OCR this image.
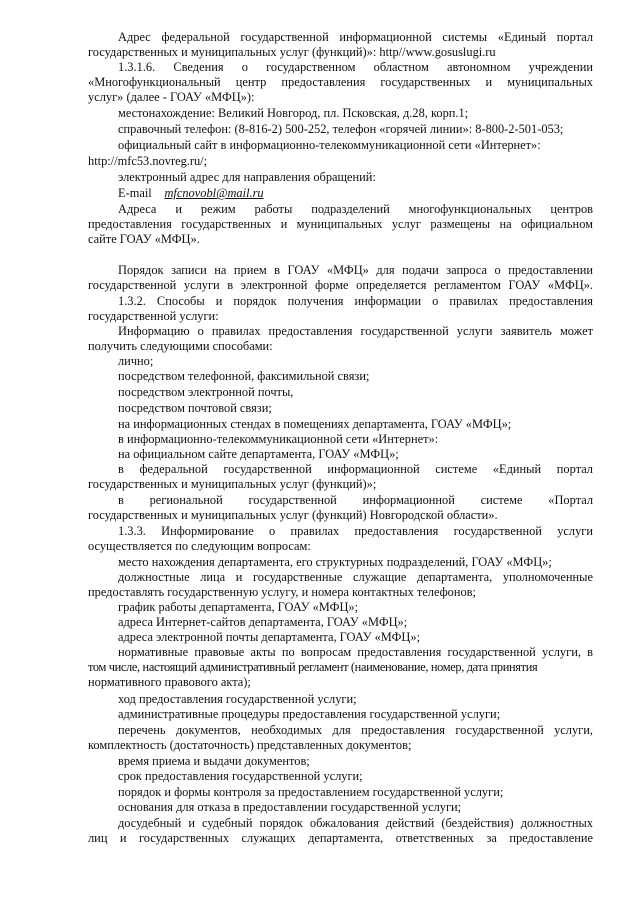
Адрес федеральной государственной информационной системы «Единый портал
государственных и муниципальных услуг (функций)»: http//www.gosuslugi.ru
1.3.1.6. Сведения о государственном областном автономном учреждении
«Многофункциональный центр предоставления государственных и муниципальных
услуг» (далее - ГОАУ «МФЦ»):
местонахождение: Великий Новгород, пл. Псковская, д.28, корп.1;
справочный телефон: (8-816-2) 500-252, телефон «горячей линии»: 8-800-2-501-053;
официальный сайт в информационно-телекоммуникационной сети «Интернет»:
http://mfc53.novreg.ru/;
электронный адрес для направления обращений:
E-mail mfcnovobl@mail.ru
Адреса и режим работы подразделений многофункциональных центров
предоставления государственных и муниципальных услуг размещены на официальном
сайте ГОАУ «МФЦ».
Порядок записи на прием в ГОАУ «МФЦ» для подачи запроса о предоставлении
государственной услуги в электронной форме определяется регламентом ГОАУ «МФЦ».
1.3.2. Способы и порядок получения информации о правилах предоставления
государственной услуги:
Информацию о правилах предоставления государственной услуги заявитель может
получить следующими способами:
лично;
посредством телефонной, факсимильной связи;
посредством электронной почты,
посредством почтовой связи;
на информационных стендах в помещениях департамента, ГОАУ «МФЦ»;
в информационно-телекоммуникационной сети «Интернет»:
на официальном сайте департамента, ГОАУ «МФЦ»;
в федеральной государственной информационной системе «Единый портал
государственных и муниципальных услуг (функций)»;
в региональной государственной информационной системе «Портал
государственных и муниципальных услуг (функций) Новгородской области».
1.3.3. Информирование о правилах предоставления государственной услуги
осуществляется по следующим вопросам:
место нахождения департамента, его структурных подразделений, ГОАУ «МФЦ»;
должностные лица и государственные служащие департамента, уполномоченные
предоставлять государственную услугу, и номера контактных телефонов;
график работы департамента, ГОАУ «МФЦ»;
адреса Интернет-сайтов департамента, ГОАУ «МФЦ»;
адреса электронной почты департамента, ГОАУ «МФЦ»;
нормативные правовые акты по вопросам предоставления государственной услуги, в
том числе, настоящий административный регламент (наименование, номер, дата принятия
нормативного правового акта);
ход предоставления государственной услуги;
административные процедуры предоставления государственной услуги;
перечень документов, необходимых для предоставления государственной услуги,
комплектность (достаточность) представленных документов;
время приема и выдачи документов;
срок предоставления государственной услуги;
порядок и формы контроля за предоставлением государственной услуги;
основания для отказа в предоставлении государственной услуги;
досудебный и судебный порядок обжалования действий (бездействия) должностных
лиц и государственных служащих департамента, ответственных за предоставление
